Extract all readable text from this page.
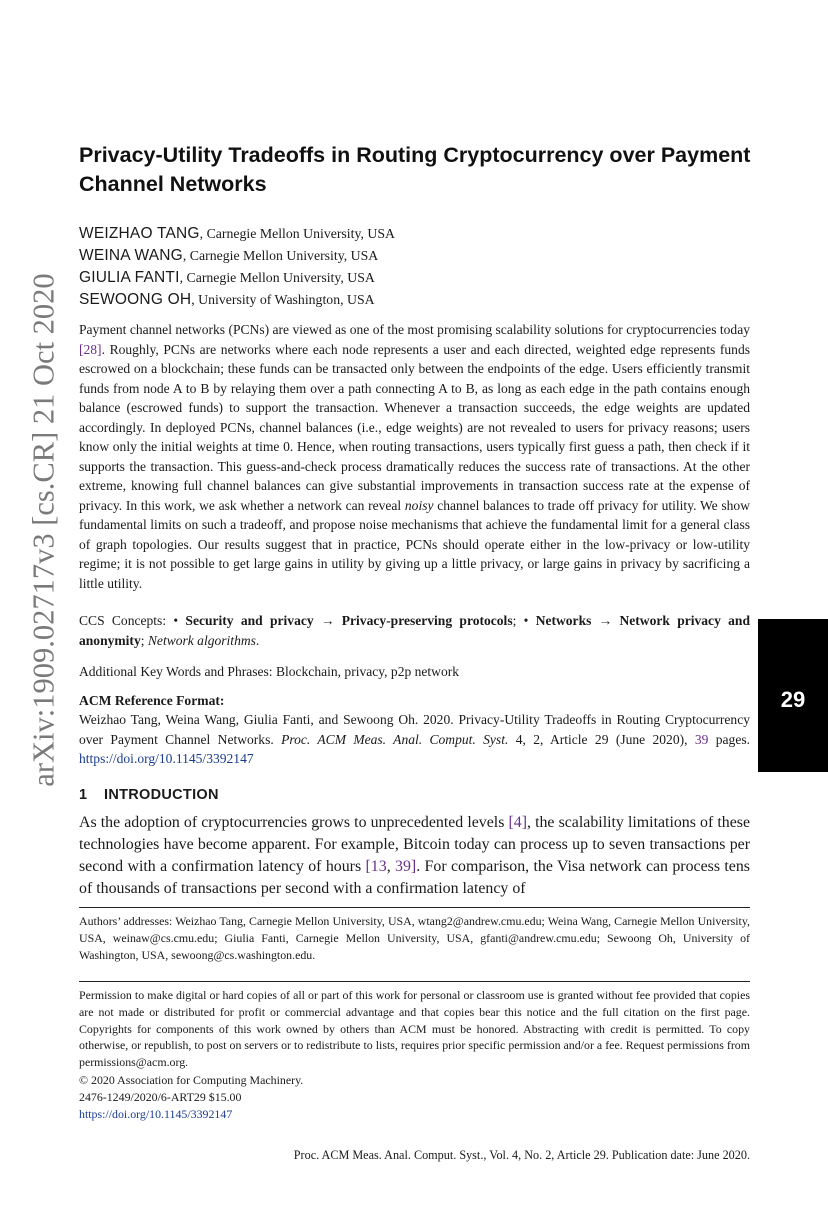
arXiv:1909.02717v3 [cs.CR] 21 Oct 2020	29
Privacy-Utility Tradeoffs in Routing Cryptocurrency over Payment Channel Networks
WEIZHAO TANG, Carnegie Mellon University, USA
WEINA WANG, Carnegie Mellon University, USA
GIULIA FANTI, Carnegie Mellon University, USA
SEWOONG OH, University of Washington, USA

Payment channel networks (PCNs) are viewed as one of the most promising scalability solutions for cryptocurrencies today [28]. Roughly, PCNs are networks where each node represents a user and each directed, weighted edge represents funds escrowed on a blockchain; these funds can be transacted only between the endpoints of the edge. Users efficiently transmit funds from node A to B by relaying them over a path connecting A to B, as long as each edge in the path contains enough balance (escrowed funds) to support the transaction. Whenever a transaction succeeds, the edge weights are updated accordingly. In deployed PCNs, channel balances (i.e., edge weights) are not revealed to users for privacy reasons; users know only the initial weights at time 0. Hence, when routing transactions, users typically first guess a path, then check if it supports the transaction. This guess-and-check process dramatically reduces the success rate of transactions. At the other extreme, knowing full channel balances can give substantial improvements in transaction success rate at the expense of privacy. In this work, we ask whether a network can reveal noisy channel balances to trade off privacy for utility. We show fundamental limits on such a tradeoff, and propose noise mechanisms that achieve the fundamental limit for a general class of graph topologies. Our results suggest that in practice, PCNs should operate either in the low-privacy or low-utility regime; it is not possible to get large gains in utility by giving up a little privacy, or large gains in privacy by sacrificing a little utility.

CCS Concepts: • Security and privacy → Privacy-preserving protocols; • Networks → Network privacy and anonymity; Network algorithms.

Additional Key Words and Phrases: Blockchain, privacy, p2p network

ACM Reference Format:

Weizhao Tang, Weina Wang, Giulia Fanti, and Sewoong Oh. 2020. Privacy-Utility Tradeoffs in Routing Cryptocurrency over Payment Channel Networks. Proc. ACM Meas. Anal. Comput. Syst. 4, 2, Article 29 (June 2020), 39 pages. https://doi.org/10.1145/3392147

1 INTRODUCTION

As the adoption of cryptocurrencies grows to unprecedented levels [4], the scalability limitations of these technologies have become apparent. For example, Bitcoin today can process up to seven transactions per second with a confirmation latency of hours [13, 39]. For comparison, the Visa network can process tens of thousands of transactions per second with a confirmation latency of

Authors’ addresses: Weizhao Tang, Carnegie Mellon University, USA, wtang2@andrew.cmu.edu; Weina Wang, Carnegie Mellon University, USA, weinaw@cs.cmu.edu; Giulia Fanti, Carnegie Mellon University, USA, gfanti@andrew.cmu.edu; Sewoong Oh, University of Washington, USA, sewoong@cs.washington.edu.

Permission to make digital or hard copies of all or part of this work for personal or classroom use is granted without fee provided that copies are not made or distributed for profit or commercial advantage and that copies bear this notice and the full citation on the first page. Copyrights for components of this work owned by others than ACM must be honored. Abstracting with credit is permitted. To copy otherwise, or republish, to post on servers or to redistribute to lists, requires prior specific permission and/or a fee. Request permissions from permissions@acm.org.

© 2020 Association for Computing Machinery.
2476-1249/2020/6-ART29 $15.00
https://doi.org/10.1145/3392147
Proc. ACM Meas. Anal. Comput. Syst., Vol. 4, No. 2, Article 29. Publication date: June 2020.
